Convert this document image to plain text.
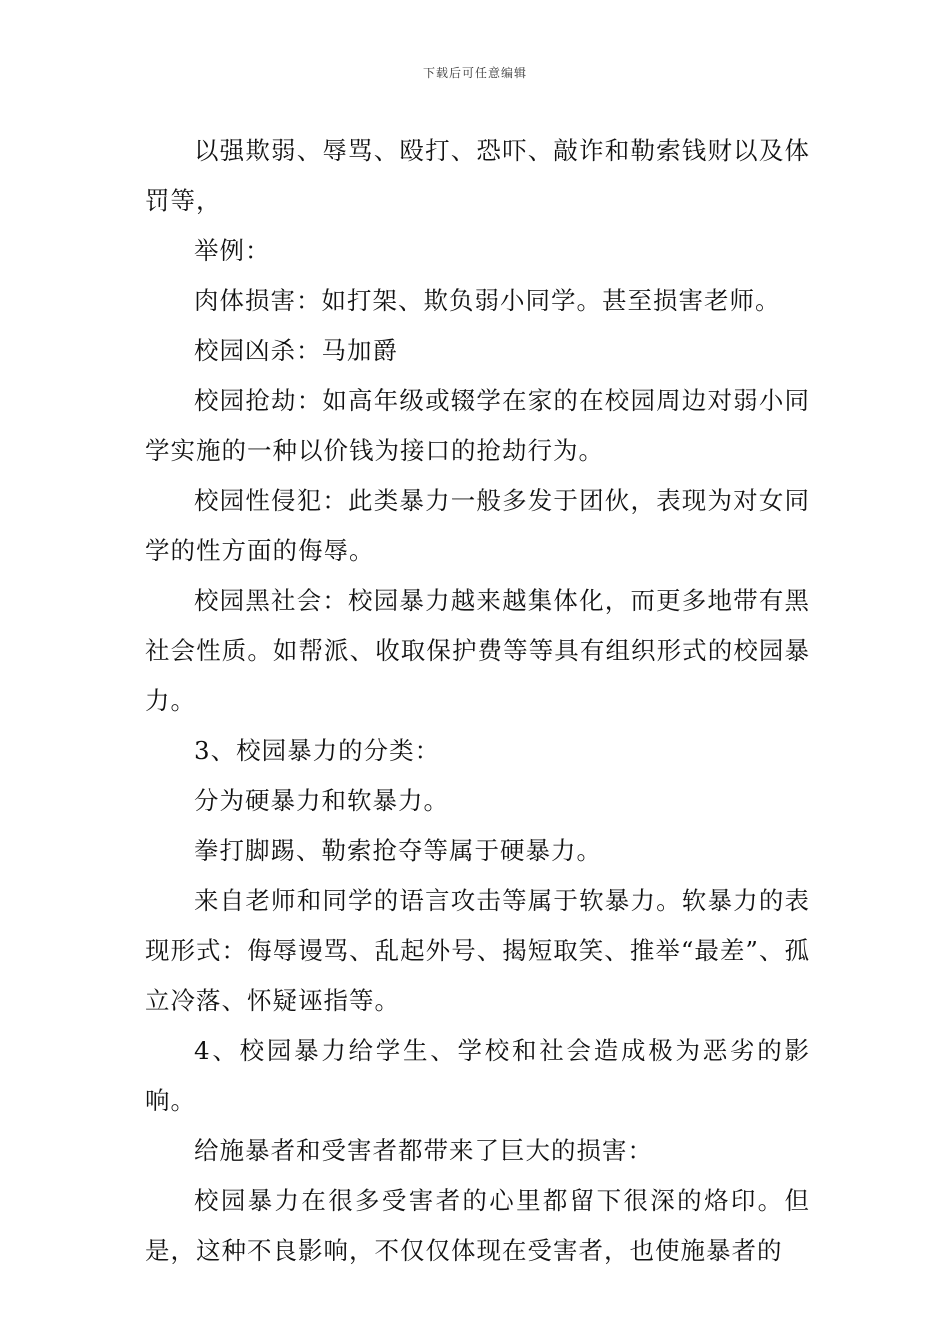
下载后可任意编辑

以强欺弱、辱骂、殴打、恐吓、敲诈和勒索钱财以及体罚等，

举例：

肉体损害：如打架、欺负弱小同学。甚至损害老师。

校园凶杀：马加爵

校园抢劫：如高年级或辍学在家的在校园周边对弱小同学实施的一种以价钱为接口的抢劫行为。

校园性侵犯：此类暴力一般多发于团伙，表现为对女同学的性方面的侮辱。

校园黑社会：校园暴力越来越集体化，而更多地带有黑社会性质。如帮派、收取保护费等等具有组织形式的校园暴力。

3、校园暴力的分类：

分为硬暴力和软暴力。

拳打脚踢、勒索抢夺等属于硬暴力。

来自老师和同学的语言攻击等属于软暴力。软暴力的表现形式：侮辱谩骂、乱起外号、揭短取笑、推举“最差”、孤立冷落、怀疑诬指等。

4、校园暴力给学生、学校和社会造成极为恶劣的影响。

给施暴者和受害者都带来了巨大的损害：

校园暴力在很多受害者的心里都留下很深的烙印。但是，这种不良影响，不仅仅体现在受害者，也使施暴者的
